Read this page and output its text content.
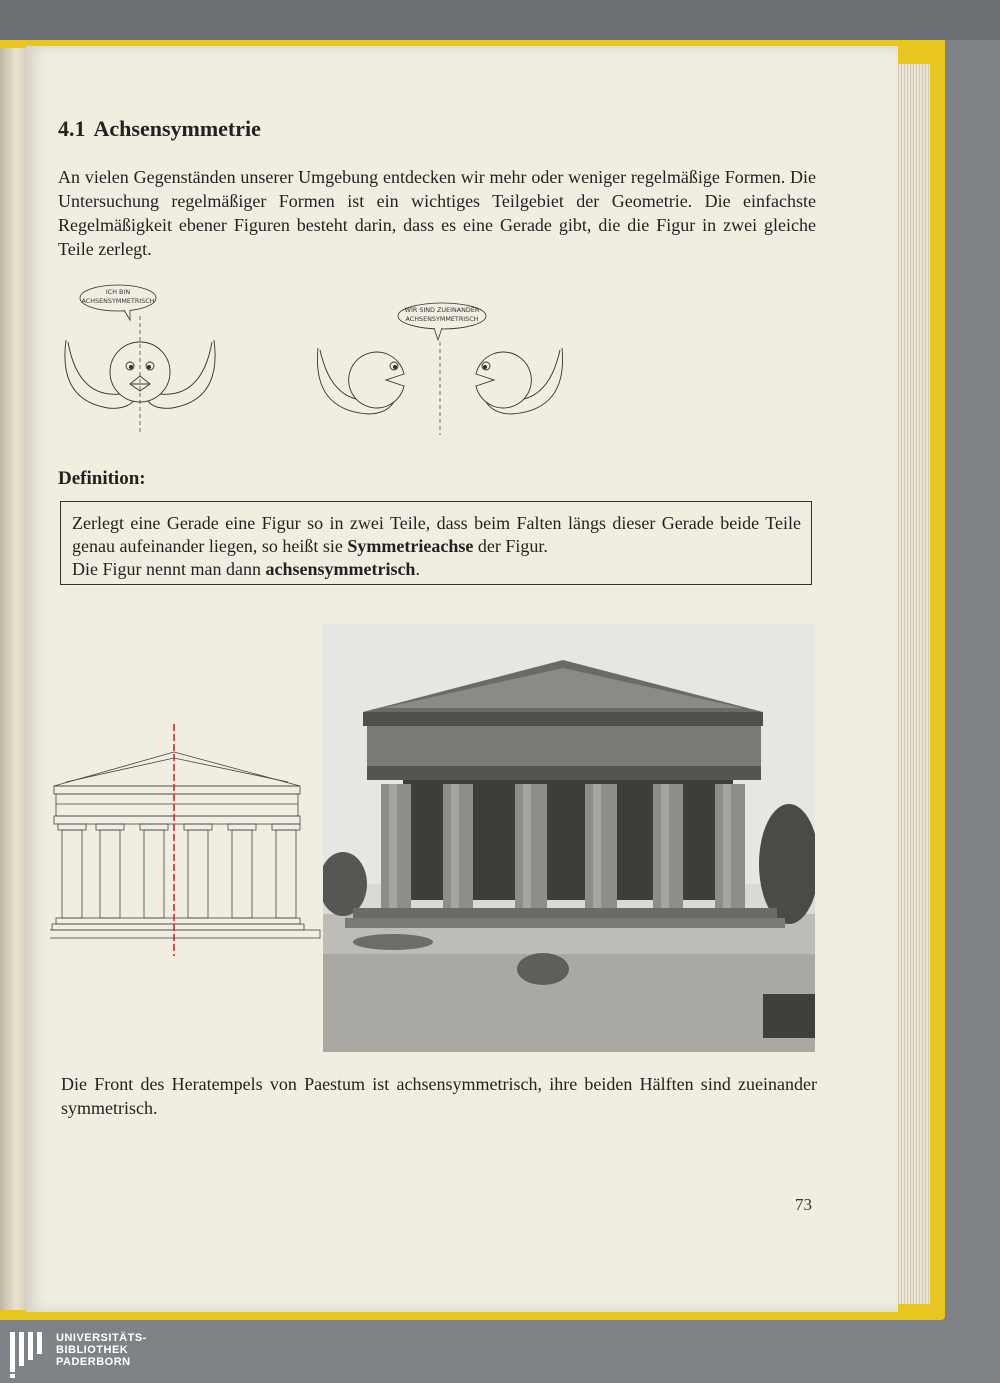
4.1 Achsensymmetrie

An vielen Gegenständen unserer Umgebung entdecken wir mehr oder weniger regelmäßige Formen. Die Untersuchung regelmäßiger Formen ist ein wichtiges Teilgebiet der Geometrie. Die einfachste Regelmäßigkeit ebener Figuren besteht darin, dass es eine Gerade gibt, die die Figur in zwei gleiche Teile zerlegt.

ICH BIN
ACHSENSYMMETRISCH
WIR SIND ZUEINANDER
ACHSENSYMMETRISCH
Definition:
Zerlegt eine Gerade eine Figur so in zwei Teile, dass beim Falten längs dieser Gerade beide Teile genau aufeinander liegen, so heißt sie Symmetrieachse der Figur.
Die Figur nennt man dann achsensymmetrisch.

Die Front des Heratempels von Paestum ist achsensymmetrisch, ihre beiden Hälften sind zueinander symmetrisch.

73
UNIVERSITÄTS-
BIBLIOTHEK
PADERBORN
